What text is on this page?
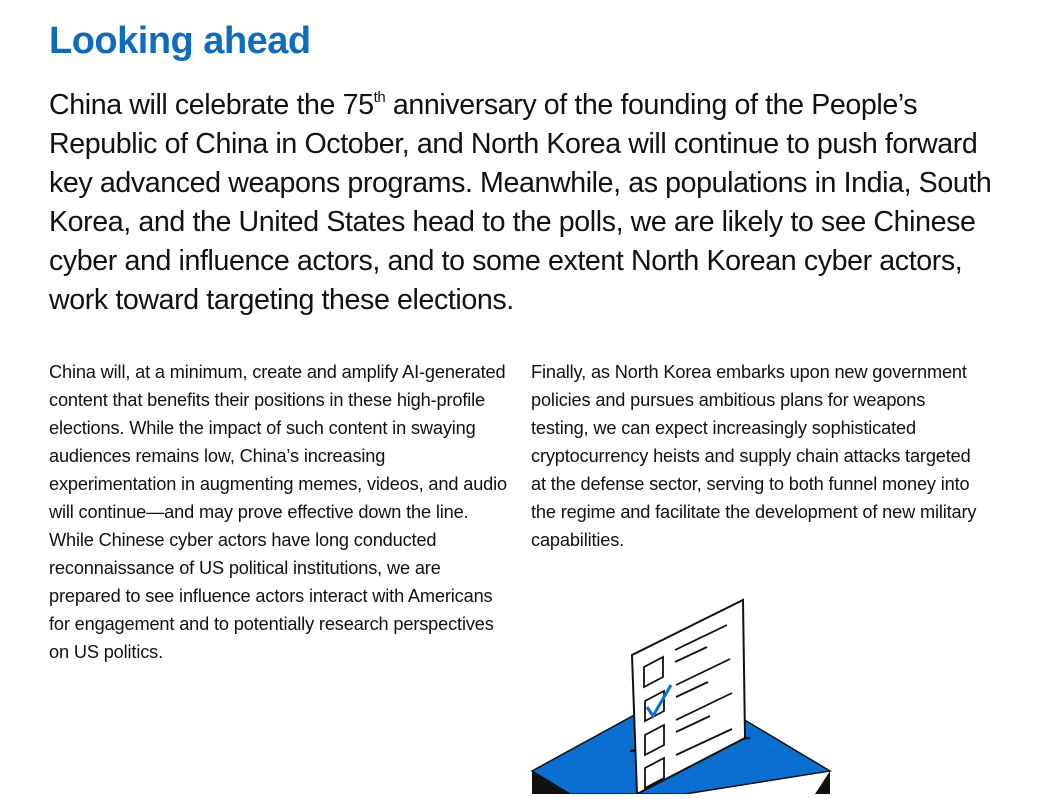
Looking ahead

China will celebrate the 75th anniversary of the founding of the People’s Republic of China in October, and North Korea will continue to push forward key advanced weapons programs. Meanwhile, as populations in India, South Korea, and the United States head to the polls, we are likely to see Chinese cyber and influence actors, and to some extent North Korean cyber actors, work toward targeting these elections.

China will, at a minimum, create and amplify AI-generated content that benefits their positions in these high-profile elections. While the impact of such content in swaying audiences remains low, China’s increasing experimentation in augmenting memes, videos, and audio will continue—and may prove effective down the line. While Chinese cyber actors have long conducted reconnaissance of US political institutions, we are prepared to see influence actors interact with Americans for engagement and to potentially research perspectives on US politics.

Finally, as North Korea embarks upon new government policies and pursues ambitious plans for weapons testing, we can expect increasingly sophisticated cryptocurrency heists and supply chain attacks targeted at the defense sector, serving to both funnel money into the regime and facilitate the development of new military capabilities.
